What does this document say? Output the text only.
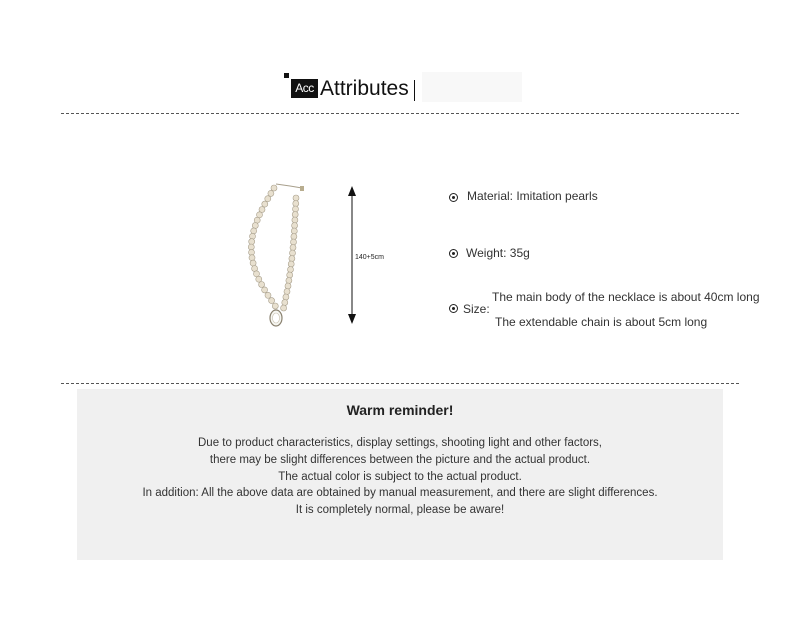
Acc Attributes
140+5cm
Material: Imitation pearls
Weight: 35g
Size:
The main body of the necklace is about 40cm long
The extendable chain is about 5cm long
Warm reminder!
Due to product characteristics, display settings, shooting light and other factors,
there may be slight differences between the picture and the actual product.
The actual color is subject to the actual product.
In addition: All the above data are obtained by manual measurement, and there are slight differences.
It is completely normal, please be aware!
